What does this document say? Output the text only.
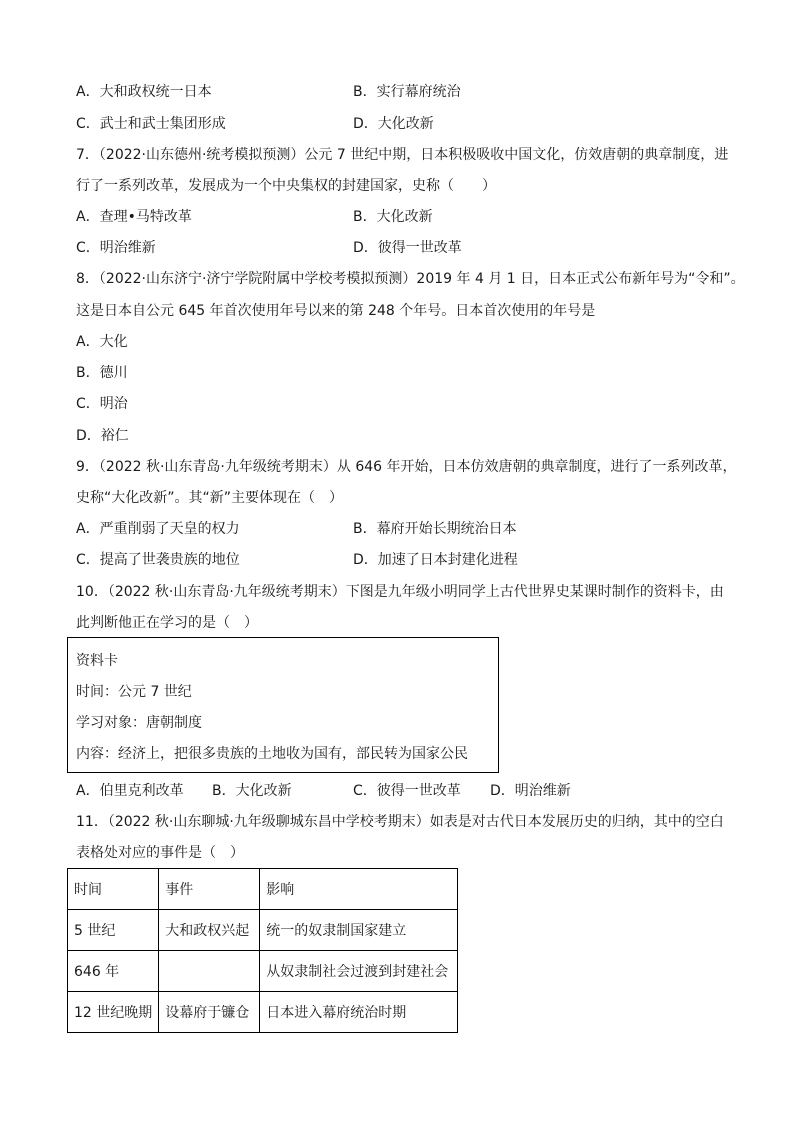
A．大和政权统一日本	B．实行幕府统治
C．武士和武士集团形成	D．大化改新
7．（2022·山东德州·统考模拟预测）公元 7 世纪中期，日本积极吸收中国文化，仿效唐朝的典章制度，进
行了一系列改革，发展成为一个中央集权的封建国家，史称（　　）
A．查理•马特改革	B．大化改新
C．明治维新	D．彼得一世改革
8．（2022·山东济宁·济宁学院附属中学校考模拟预测）2019 年 4 月 1 日，日本正式公布新年号为“令和”。
这是日本自公元 645 年首次使用年号以来的第 248 个年号。日本首次使用的年号是
A．大化
B．德川
C．明治
D．裕仁
9．（2022 秋·山东青岛·九年级统考期末）从 646 年开始，日本仿效唐朝的典章制度，进行了一系列改革，
史称“大化改新”。其“新”主要体现在（　）
A．严重削弱了天皇的权力	B．幕府开始长期统治日本
C．提高了世袭贵族的地位	D．加速了日本封建化进程
10．（2022 秋·山东青岛·九年级统考期末）下图是九年级小明同学上古代世界史某课时制作的资料卡，由
此判断他正在学习的是（　）
资料卡
时间：公元 7 世纪
学习对象：唐朝制度
内容：经济上，把很多贵族的土地收为国有，部民转为国家公民
A．伯里克利改革 B．大化改新	C．彼得一世改革 D．明治维新
11．（2022 秋·山东聊城·九年级聊城东昌中学校考期末）如表是对古代日本发展历史的归纳，其中的空白
表格处对应的事件是（　）
时间	事件	影响
5 世纪	大和政权兴起	统一的奴隶制国家建立
646 年		从奴隶制社会过渡到封建社会
12 世纪晚期	设幕府于镰仓	日本进入幕府统治时期
